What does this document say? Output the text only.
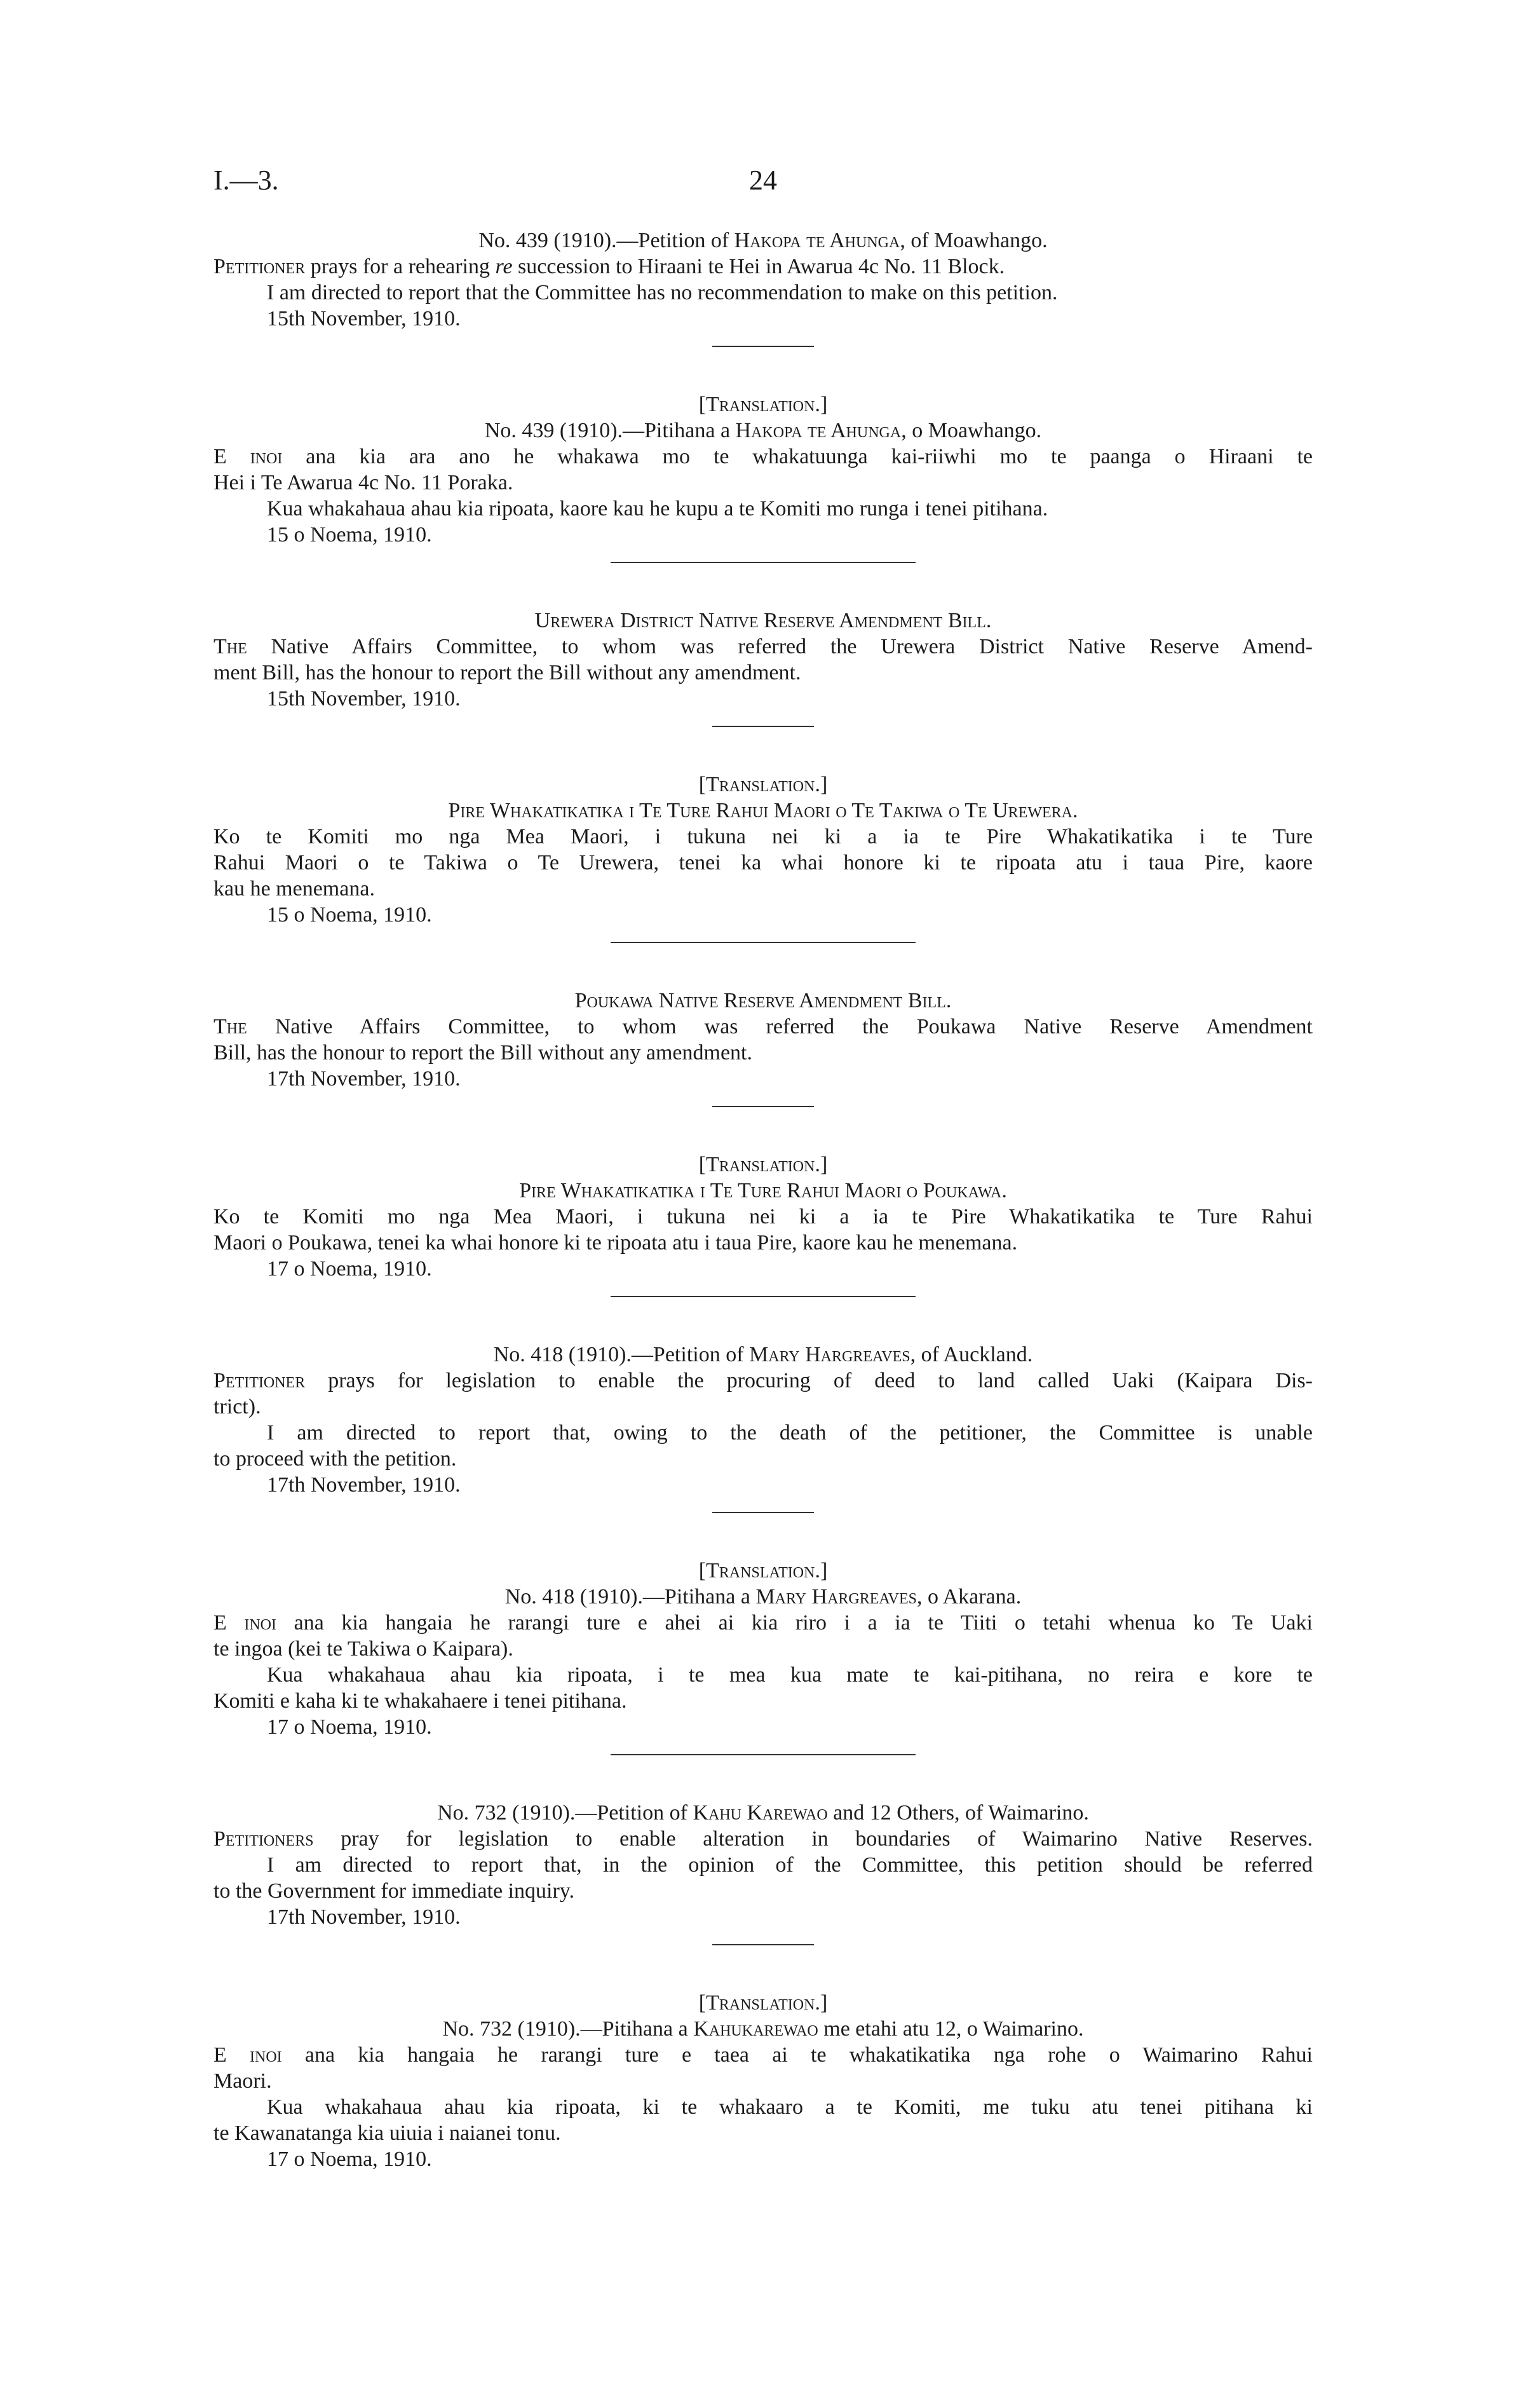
I.—3.	24
No. 439 (1910).—Petition of Hakopa te Ahunga, of Moawhango.
Petitioner prays for a rehearing re succession to Hiraani te Hei in Awarua 4c No. 11 Block.
I am directed to report that the Committee has no recommendation to make on this petition.
15th November, 1910.
[Translation.]
No. 439 (1910).—Pitihana a Hakopa te Ahunga, o Moawhango.
E inoi ana kia ara ano he whakawa mo te whakatuunga kai-riiwhi mo te paanga o Hiraani te
Hei i Te Awarua 4c No. 11 Poraka.
Kua whakahaua ahau kia ripoata, kaore kau he kupu a te Komiti mo runga i tenei pitihana.
15 o Noema, 1910.
Urewera District Native Reserve Amendment Bill.
The Native Affairs Committee, to whom was referred the Urewera District Native Reserve Amend-
ment Bill, has the honour to report the Bill without any amendment.
15th November, 1910.
[Translation.]
Pire Whakatikatika i Te Ture Rahui Maori o Te Takiwa o Te Urewera.
Ko te Komiti mo nga Mea Maori, i tukuna nei ki a ia te Pire Whakatikatika i te Ture
Rahui Maori o te Takiwa o Te Urewera, tenei ka whai honore ki te ripoata atu i taua Pire, kaore
kau he menemana.
15 o Noema, 1910.
Poukawa Native Reserve Amendment Bill.
The Native Affairs Committee, to whom was referred the Poukawa Native Reserve Amendment
Bill, has the honour to report the Bill without any amendment.
17th November, 1910.
[Translation.]
Pire Whakatikatika i Te Ture Rahui Maori o Poukawa.
Ko te Komiti mo nga Mea Maori, i tukuna nei ki a ia te Pire Whakatikatika te Ture Rahui
Maori o Poukawa, tenei ka whai honore ki te ripoata atu i taua Pire, kaore kau he menemana.
17 o Noema, 1910.
No. 418 (1910).—Petition of Mary Hargreaves, of Auckland.
Petitioner prays for legislation to enable the procuring of deed to land called Uaki (Kaipara Dis-
trict).
I am directed to report that, owing to the death of the petitioner, the Committee is unable
to proceed with the petition.
17th November, 1910.
[Translation.]
No. 418 (1910).—Pitihana a Mary Hargreaves, o Akarana.
E inoi ana kia hangaia he rarangi ture e ahei ai kia riro i a ia te Tiiti o tetahi whenua ko Te Uaki
te ingoa (kei te Takiwa o Kaipara).
Kua whakahaua ahau kia ripoata, i te mea kua mate te kai-pitihana, no reira e kore te
Komiti e kaha ki te whakahaere i tenei pitihana.
17 o Noema, 1910.
No. 732 (1910).—Petition of Kahu Karewao and 12 Others, of Waimarino.
Petitioners pray for legislation to enable alteration in boundaries of Waimarino Native Reserves.
I am directed to report that, in the opinion of the Committee, this petition should be referred
to the Government for immediate inquiry.
17th November, 1910.
[Translation.]
No. 732 (1910).—Pitihana a Kahukarewao me etahi atu 12, o Waimarino.
E inoi ana kia hangaia he rarangi ture e taea ai te whakatikatika nga rohe o Waimarino Rahui
Maori.
Kua whakahaua ahau kia ripoata, ki te whakaaro a te Komiti, me tuku atu tenei pitihana ki
te Kawanatanga kia uiuia i naianei tonu.
17 o Noema, 1910.
